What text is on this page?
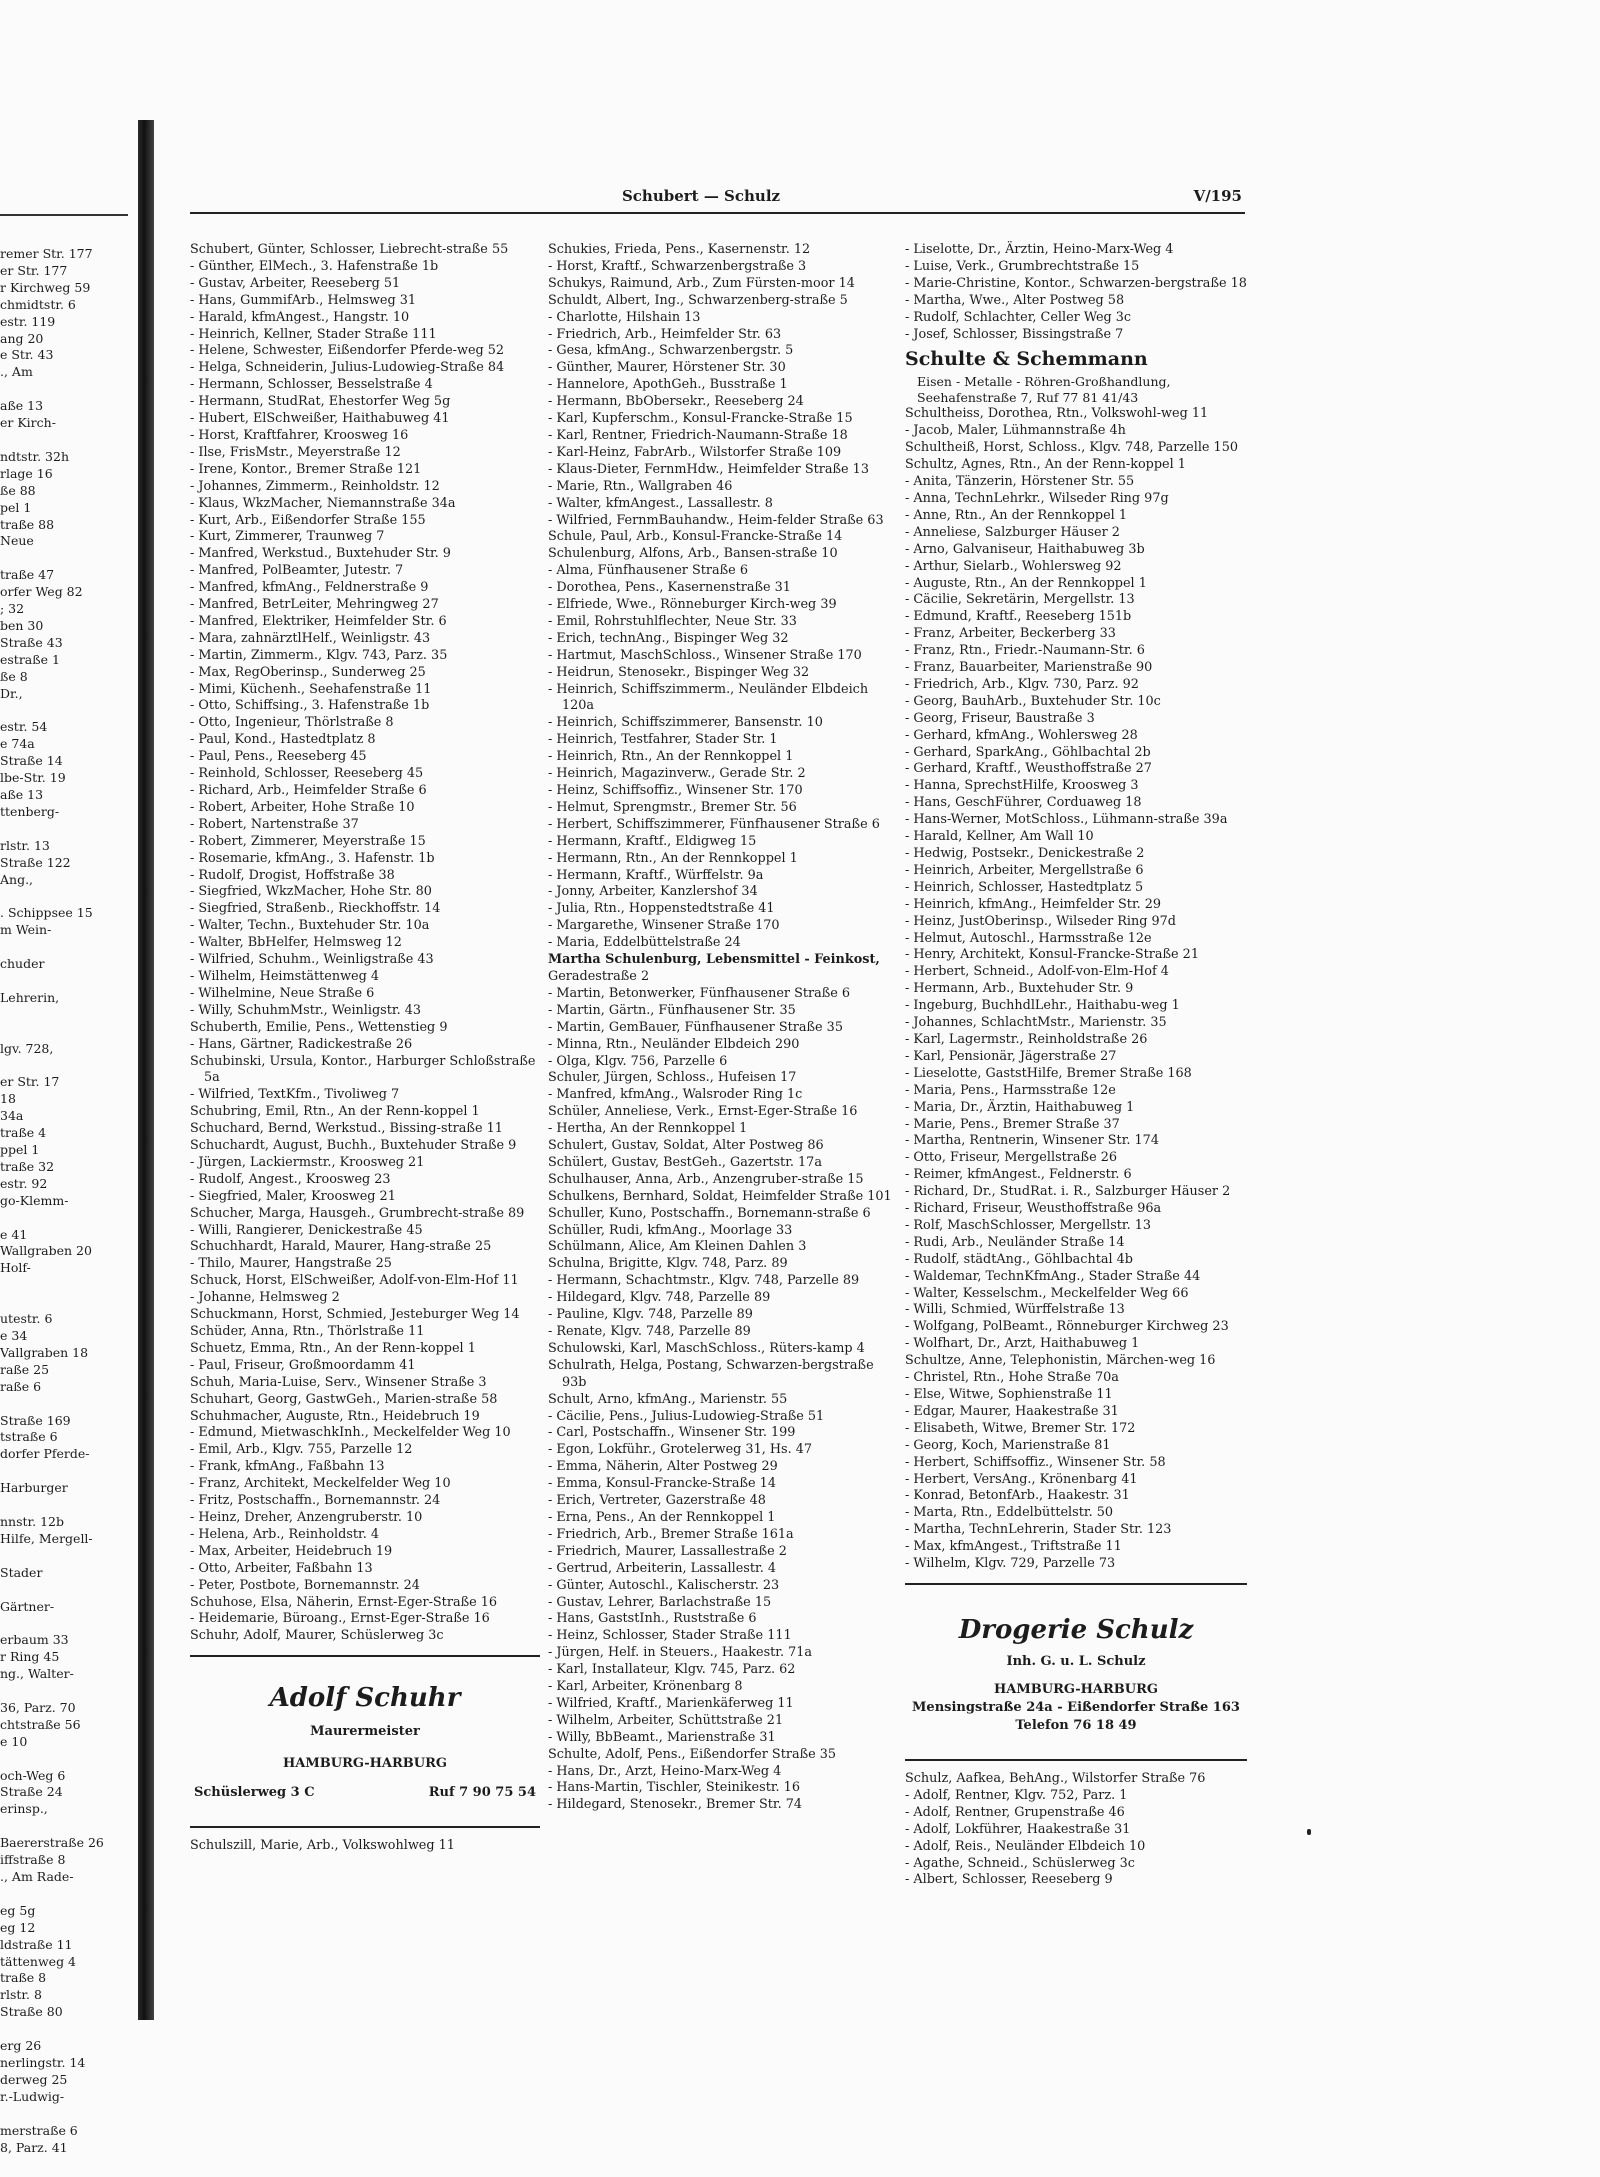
remer Str. 177
er Str. 177
r Kirchweg 59
chmidtstr. 6
estr. 119
ang 20
e Str. 43
., Am

aße 13
er Kirch-

ndtstr. 32h
rlage 16
ße 88
pel 1
traße 88
Neue

traße 47
orfer Weg 82
; 32
ben 30
Straße 43
estraße 1
ße 8
Dr.,

estr. 54
e 74a
Straße 14
lbe-Str. 19
aße 13
ttenberg-

rlstr. 13
Straße 122
Ang.,

. Schippsee 15
m Wein-

chuder

Lehrerin,

lgv. 728,

er Str. 17
18
34a
traße 4
ppel 1
traße 32
estr. 92
go-Klemm-

e 41
Wallgraben 20
Holf-

utestr. 6
e 34
Vallgraben 18
raße 25
raße 6

Straße 169
tstraße 6
dorfer Pferde-

Harburger

nnstr. 12b
Hilfe, Mergell-

Stader

Gärtner-

erbaum 33
r Ring 45
ng., Walter-

36, Parz. 70
chtstraße 56
e 10

och-Weg 6
Straße 24
erinsp.,

Baererstraße 26
iffstraße 8
., Am Rade-

eg 5g
eg 12
ldstraße 11
tättenweg 4
traße 8
rlstr. 8
Straße 80

erg 26
nerlingstr. 14
derweg 25
r.-Ludwig-

merstraße 6
8, Parz. 41
Schubert — Schulz	V/195
Schubert, Günter, Schlosser, Liebrecht-straße 55
- Günther, ElMech., 3. Hafenstraße 1b
- Gustav, Arbeiter, Reeseberg 51
- Hans, GummifArb., Helmsweg 31
- Harald, kfmAngest., Hangstr. 10
- Heinrich, Kellner, Stader Straße 111
- Helene, Schwester, Eißendorfer Pferde-weg 52
- Helga, Schneiderin, Julius-Ludowieg-Straße 84
- Hermann, Schlosser, Besselstraße 4
- Hermann, StudRat, Ehestorfer Weg 5g
- Hubert, ElSchweißer, Haithabuweg 41
- Horst, Kraftfahrer, Kroosweg 16
- Ilse, FrisMstr., Meyerstraße 12
- Irene, Kontor., Bremer Straße 121
- Johannes, Zimmerm., Reinholdstr. 12
- Klaus, WkzMacher, Niemannstraße 34a
- Kurt, Arb., Eißendorfer Straße 155
- Kurt, Zimmerer, Traunweg 7
- Manfred, Werkstud., Buxtehuder Str. 9
- Manfred, PolBeamter, Jutestr. 7
- Manfred, kfmAng., Feldnerstraße 9
- Manfred, BetrLeiter, Mehringweg 27
- Manfred, Elektriker, Heimfelder Str. 6
- Mara, zahnärztlHelf., Weinligstr. 43
- Martin, Zimmerm., Klgv. 743, Parz. 35
- Max, RegOberinsp., Sunderweg 25
- Mimi, Küchenh., Seehafenstraße 11
- Otto, Schiffsing., 3. Hafenstraße 1b
- Otto, Ingenieur, Thörlstraße 8
- Paul, Kond., Hastedtplatz 8
- Paul, Pens., Reeseberg 45
- Reinhold, Schlosser, Reeseberg 45
- Richard, Arb., Heimfelder Straße 6
- Robert, Arbeiter, Hohe Straße 10
- Robert, Nartenstraße 37
- Robert, Zimmerer, Meyerstraße 15
- Rosemarie, kfmAng., 3. Hafenstr. 1b
- Rudolf, Drogist, Hoffstraße 38
- Siegfried, WkzMacher, Hohe Str. 80
- Siegfried, Straßenb., Rieckhoffstr. 14
- Walter, Techn., Buxtehuder Str. 10a
- Walter, BbHelfer, Helmsweg 12
- Wilfried, Schuhm., Weinligstraße 43
- Wilhelm, Heimstättenweg 4
- Wilhelmine, Neue Straße 6
- Willy, SchuhmMstr., Weinligstr. 43
Schuberth, Emilie, Pens., Wettenstieg 9
- Hans, Gärtner, Radickestraße 26
Schubinski, Ursula, Kontor., Harburger Schloßstraße 5a
- Wilfried, TextKfm., Tivoliweg 7
Schubring, Emil, Rtn., An der Renn-koppel 1
Schuchard, Bernd, Werkstud., Bissing-straße 11
Schuchardt, August, Buchh., Buxtehuder Straße 9
- Jürgen, Lackiermstr., Kroosweg 21
- Rudolf, Angest., Kroosweg 23
- Siegfried, Maler, Kroosweg 21
Schucher, Marga, Hausgeh., Grumbrecht-straße 89
- Willi, Rangierer, Denickestraße 45
Schuchhardt, Harald, Maurer, Hang-straße 25
- Thilo, Maurer, Hangstraße 25
Schuck, Horst, ElSchweißer, Adolf-von-Elm-Hof 11
- Johanne, Helmsweg 2
Schuckmann, Horst, Schmied, Jesteburger Weg 14
Schüder, Anna, Rtn., Thörlstraße 11
Schuetz, Emma, Rtn., An der Renn-koppel 1
- Paul, Friseur, Großmoordamm 41
Schuh, Maria-Luise, Serv., Winsener Straße 3
Schuhart, Georg, GastwGeh., Marien-straße 58
Schuhmacher, Auguste, Rtn., Heidebruch 19
- Edmund, MietwaschkInh., Meckelfelder Weg 10
- Emil, Arb., Klgv. 755, Parzelle 12
- Frank, kfmAng., Faßbahn 13
- Franz, Architekt, Meckelfelder Weg 10
- Fritz, Postschaffn., Bornemannstr. 24
- Heinz, Dreher, Anzengruberstr. 10
- Helena, Arb., Reinholdstr. 4
- Max, Arbeiter, Heidebruch 19
- Otto, Arbeiter, Faßbahn 13
- Peter, Postbote, Bornemannstr. 24
Schuhose, Elsa, Näherin, Ernst-Eger-Straße 16
- Heidemarie, Büroang., Ernst-Eger-Straße 16
Schuhr, Adolf, Maurer, Schüslerweg 3c
Adolf Schuhr
Maurermeister
HAMBURG-HARBURG
Schüslerweg 3 C	Ruf 7 90 75 54
Schulszill, Marie, Arb., Volkswohlweg 11
Schukies, Frieda, Pens., Kasernenstr. 12
- Horst, Kraftf., Schwarzenbergstraße 3
Schukys, Raimund, Arb., Zum Fürsten-moor 14
Schuldt, Albert, Ing., Schwarzenberg-straße 5
- Charlotte, Hilshain 13
- Friedrich, Arb., Heimfelder Str. 63
- Gesa, kfmAng., Schwarzenbergstr. 5
- Günther, Maurer, Hörstener Str. 30
- Hannelore, ApothGeh., Busstraße 1
- Hermann, BbObersekr., Reeseberg 24
- Karl, Kupferschm., Konsul-Francke-Straße 15
- Karl, Rentner, Friedrich-Naumann-Straße 18
- Karl-Heinz, FabrArb., Wilstorfer Straße 109
- Klaus-Dieter, FernmHdw., Heimfelder Straße 13
- Marie, Rtn., Wallgraben 46
- Walter, kfmAngest., Lassallestr. 8
- Wilfried, FernmBauhandw., Heim-felder Straße 63
Schule, Paul, Arb., Konsul-Francke-Straße 14
Schulenburg, Alfons, Arb., Bansen-straße 10
- Alma, Fünfhausener Straße 6
- Dorothea, Pens., Kasernenstraße 31
- Elfriede, Wwe., Rönneburger Kirch-weg 39
- Emil, Rohrstuhlflechter, Neue Str. 33
- Erich, technAng., Bispinger Weg 32
- Hartmut, MaschSchloss., Winsener Straße 170
- Heidrun, Stenosekr., Bispinger Weg 32
- Heinrich, Schiffszimmerm., Neuländer Elbdeich 120a
- Heinrich, Schiffszimmerer, Bansenstr. 10
- Heinrich, Testfahrer, Stader Str. 1
- Heinrich, Rtn., An der Rennkoppel 1
- Heinrich, Magazinverw., Gerade Str. 2
- Heinz, Schiffsoffiz., Winsener Str. 170
- Helmut, Sprengmstr., Bremer Str. 56
- Herbert, Schiffszimmerer, Fünfhausener Straße 6
- Hermann, Kraftf., Eldigweg 15
- Hermann, Rtn., An der Rennkoppel 1
- Hermann, Kraftf., Würffelstr. 9a
- Jonny, Arbeiter, Kanzlershof 34
- Julia, Rtn., Hoppenstedtstraße 41
- Margarethe, Winsener Straße 170
- Maria, Eddelbüttelstraße 24
Martha Schulenburg, Lebensmittel - Feinkost,
Geradestraße 2
- Martin, Betonwerker, Fünfhausener Straße 6
- Martin, Gärtn., Fünfhausener Str. 35
- Martin, GemBauer, Fünfhausener Straße 35
- Minna, Rtn., Neuländer Elbdeich 290
- Olga, Klgv. 756, Parzelle 6
Schuler, Jürgen, Schloss., Hufeisen 17
- Manfred, kfmAng., Walsroder Ring 1c
Schüler, Anneliese, Verk., Ernst-Eger-Straße 16
- Hertha, An der Rennkoppel 1
Schulert, Gustav, Soldat, Alter Postweg 86
Schülert, Gustav, BestGeh., Gazertstr. 17a
Schulhauser, Anna, Arb., Anzengruber-straße 15
Schulkens, Bernhard, Soldat, Heimfelder Straße 101
Schuller, Kuno, Postschaffn., Bornemann-straße 6
Schüller, Rudi, kfmAng., Moorlage 33
Schülmann, Alice, Am Kleinen Dahlen 3
Schulna, Brigitte, Klgv. 748, Parz. 89
- Hermann, Schachtmstr., Klgv. 748, Parzelle 89
- Hildegard, Klgv. 748, Parzelle 89
- Pauline, Klgv. 748, Parzelle 89
- Renate, Klgv. 748, Parzelle 89
Schulowski, Karl, MaschSchloss., Rüters-kamp 4
Schulrath, Helga, Postang, Schwarzen-bergstraße 93b
Schult, Arno, kfmAng., Marienstr. 55
- Cäcilie, Pens., Julius-Ludowieg-Straße 51
- Carl, Postschaffn., Winsener Str. 199
- Egon, Lokführ., Grotelerweg 31, Hs. 47
- Emma, Näherin, Alter Postweg 29
- Emma, Konsul-Francke-Straße 14
- Erich, Vertreter, Gazerstraße 48
- Erna, Pens., An der Rennkoppel 1
- Friedrich, Arb., Bremer Straße 161a
- Friedrich, Maurer, Lassallestraße 2
- Gertrud, Arbeiterin, Lassallestr. 4
- Günter, Autoschl., Kalischerstr. 23
- Gustav, Lehrer, Barlachstraße 15
- Hans, GaststInh., Ruststraße 6
- Heinz, Schlosser, Stader Straße 111
- Jürgen, Helf. in Steuers., Haakestr. 71a
- Karl, Installateur, Klgv. 745, Parz. 62
- Karl, Arbeiter, Krönenbarg 8
- Wilfried, Kraftf., Marienkäferweg 11
- Wilhelm, Arbeiter, Schüttstraße 21
- Willy, BbBeamt., Marienstraße 31
Schulte, Adolf, Pens., Eißendorfer Straße 35
- Hans, Dr., Arzt, Heino-Marx-Weg 4
- Hans-Martin, Tischler, Steinikestr. 16
- Hildegard, Stenosekr., Bremer Str. 74
- Liselotte, Dr., Ärztin, Heino-Marx-Weg 4
- Luise, Verk., Grumbrechtstraße 15
- Marie-Christine, Kontor., Schwarzen-bergstraße 18
- Martha, Wwe., Alter Postweg 58
- Rudolf, Schlachter, Celler Weg 3c
- Josef, Schlosser, Bissingstraße 7
Schulte & Schemmann
Eisen - Metalle - Röhren-Großhandlung,
Seehafenstraße 7, Ruf 77 81 41/43
Schultheiss, Dorothea, Rtn., Volkswohl-weg 11
- Jacob, Maler, Lühmannstraße 4h
Schultheiß, Horst, Schloss., Klgv. 748, Parzelle 150
Schultz, Agnes, Rtn., An der Renn-koppel 1
- Anita, Tänzerin, Hörstener Str. 55
- Anna, TechnLehrkr., Wilseder Ring 97g
- Anne, Rtn., An der Rennkoppel 1
- Anneliese, Salzburger Häuser 2
- Arno, Galvaniseur, Haithabuweg 3b
- Arthur, Sielarb., Wohlersweg 92
- Auguste, Rtn., An der Rennkoppel 1
- Cäcilie, Sekretärin, Mergellstr. 13
- Edmund, Kraftf., Reeseberg 151b
- Franz, Arbeiter, Beckerberg 33
- Franz, Rtn., Friedr.-Naumann-Str. 6
- Franz, Bauarbeiter, Marienstraße 90
- Friedrich, Arb., Klgv. 730, Parz. 92
- Georg, BauhArb., Buxtehuder Str. 10c
- Georg, Friseur, Baustraße 3
- Gerhard, kfmAng., Wohlersweg 28
- Gerhard, SparkAng., Göhlbachtal 2b
- Gerhard, Kraftf., Weusthoffstraße 27
- Hanna, SprechstHilfe, Kroosweg 3
- Hans, GeschFührer, Corduaweg 18
- Hans-Werner, MotSchloss., Lühmann-straße 39a
- Harald, Kellner, Am Wall 10
- Hedwig, Postsekr., Denickestraße 2
- Heinrich, Arbeiter, Mergellstraße 6
- Heinrich, Schlosser, Hastedtplatz 5
- Heinrich, kfmAng., Heimfelder Str. 29
- Heinz, JustOberinsp., Wilseder Ring 97d
- Helmut, Autoschl., Harmsstraße 12e
- Henry, Architekt, Konsul-Francke-Straße 21
- Herbert, Schneid., Adolf-von-Elm-Hof 4
- Hermann, Arb., Buxtehuder Str. 9
- Ingeburg, BuchhdlLehr., Haithabu-weg 1
- Johannes, SchlachtMstr., Marienstr. 35
- Karl, Lagermstr., Reinholdstraße 26
- Karl, Pensionär, Jägerstraße 27
- Lieselotte, GaststHilfe, Bremer Straße 168
- Maria, Pens., Harmsstraße 12e
- Maria, Dr., Ärztin, Haithabuweg 1
- Marie, Pens., Bremer Straße 37
- Martha, Rentnerin, Winsener Str. 174
- Otto, Friseur, Mergellstraße 26
- Reimer, kfmAngest., Feldnerstr. 6
- Richard, Dr., StudRat. i. R., Salzburger Häuser 2
- Richard, Friseur, Weusthoffstraße 96a
- Rolf, MaschSchlosser, Mergellstr. 13
- Rudi, Arb., Neuländer Straße 14
- Rudolf, städtAng., Göhlbachtal 4b
- Waldemar, TechnKfmAng., Stader Straße 44
- Walter, Kesselschm., Meckelfelder Weg 66
- Willi, Schmied, Würffelstraße 13
- Wolfgang, PolBeamt., Rönneburger Kirchweg 23
- Wolfhart, Dr., Arzt, Haithabuweg 1
Schultze, Anne, Telephonistin, Märchen-weg 16
- Christel, Rtn., Hohe Straße 70a
- Else, Witwe, Sophienstraße 11
- Edgar, Maurer, Haakestraße 31
- Elisabeth, Witwe, Bremer Str. 172
- Georg, Koch, Marienstraße 81
- Herbert, Schiffsoffiz., Winsener Str. 58
- Herbert, VersAng., Krönenbarg 41
- Konrad, BetonfArb., Haakestr. 31
- Marta, Rtn., Eddelbüttelstr. 50
- Martha, TechnLehrerin, Stader Str. 123
- Max, kfmAngest., Triftstraße 11
- Wilhelm, Klgv. 729, Parzelle 73
Drogerie Schulz
Inh. G. u. L. Schulz
HAMBURG-HARBURG
Mensingstraße 24a - Eißendorfer Straße 163
Telefon 76 18 49
Schulz, Aafkea, BehAng., Wilstorfer Straße 76
- Adolf, Rentner, Klgv. 752, Parz. 1
- Adolf, Rentner, Grupenstraße 46
- Adolf, Lokführer, Haakestraße 31
- Adolf, Reis., Neuländer Elbdeich 10
- Agathe, Schneid., Schüslerweg 3c
- Albert, Schlosser, Reeseberg 9
